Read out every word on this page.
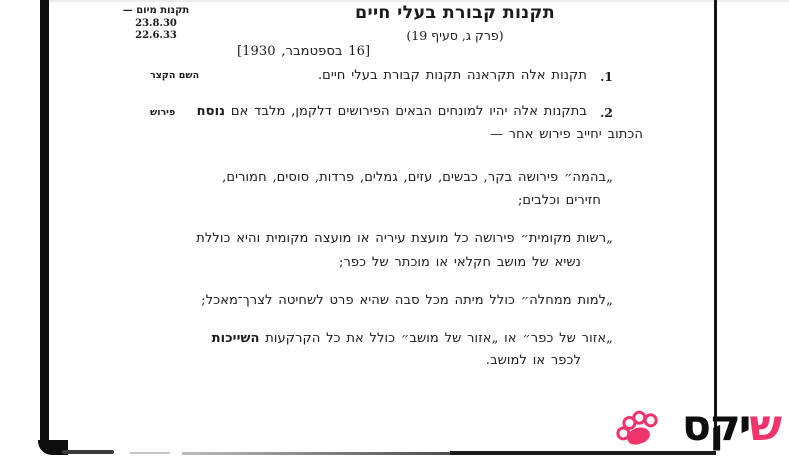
תקנות מיום —
23.8.30
22.6.33
תקנות קבורת בעלי חיים
(פרק ג, סעיף 19)
[16 בספטמבר, 1930]
1.
תקנות אלה תקראנה תקנות קבורת בעלי חיים.
השם הקצר
2.
בתקנות אלה יהיו למונחים הבאים הפירושים דלקמן, מלבד אם נוסח
פירוש
הכתוב יחייב פירוש אחר —
„בהמה״ פירושה בקר, כבשים, עזים, גמלים, פרדות, סוסים, חמורים,
חזירים וכלבים;
„רשות מקומית״ פירושה כל מועצת עיריה או מועצה מקומית והיא כוללת
נשיא של מושב חקלאי או מוכתר של כפר;
„למות ממחלה״ כולל מיתה מכל סבה שהיא פרט לשחיטה לצרך־מאכל;
„אזור של כפר״ או „אזור של מושב״ כולל את כל הקרקעות השייכות
לכפר או למושב.
שיקס
